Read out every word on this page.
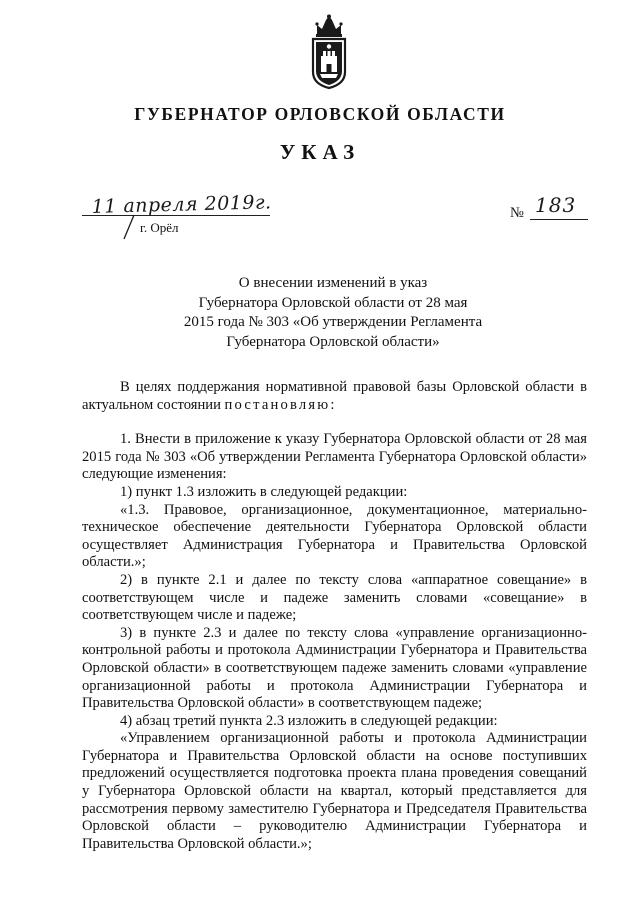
ГУБЕРНАТОР ОРЛОВСКОЙ ОБЛАСТИ
УКАЗ
11 апреля 2019г.
г. Орёл
№ 183
О внесении изменений в указ
Губернатора Орловской области от 28 мая
2015 года № 303 «Об утверждении Регламента
Губернатора Орловской области»

В целях поддержания нормативной правовой базы Орловской области в актуальном состоянии постановляю:

1. Внести в приложение к указу Губернатора Орловской области от 28 мая 2015 года № 303 «Об утверждении Регламента Губернатора Орловской области» следующие изменения:

1) пункт 1.3 изложить в следующей редакции:

«1.3. Правовое, организационное, документационное, материально-техническое обеспечение деятельности Губернатора Орловской области осуществляет Администрация Губернатора и Правительства Орловской области.»;

2) в пункте 2.1 и далее по тексту слова «аппаратное совещание» в соответствующем числе и падеже заменить словами «совещание» в соответствующем числе и падеже;

3) в пункте 2.3 и далее по тексту слова «управление организационно-контрольной работы и протокола Администрации Губернатора и Правительства Орловской области» в соответствующем падеже заменить словами «управление организационной работы и протокола Администрации Губернатора и Правительства Орловской области» в соответствующем падеже;

4) абзац третий пункта 2.3 изложить в следующей редакции:

«Управлением организационной работы и протокола Администрации Губернатора и Правительства Орловской области на основе поступивших предложений осуществляется подготовка проекта плана проведения совещаний у Губернатора Орловской области на квартал, который представляется для рассмотрения первому заместителю Губернатора и Председателя Правительства Орловской области – руководителю Администрации Губернатора и Правительства Орловской области.»;
